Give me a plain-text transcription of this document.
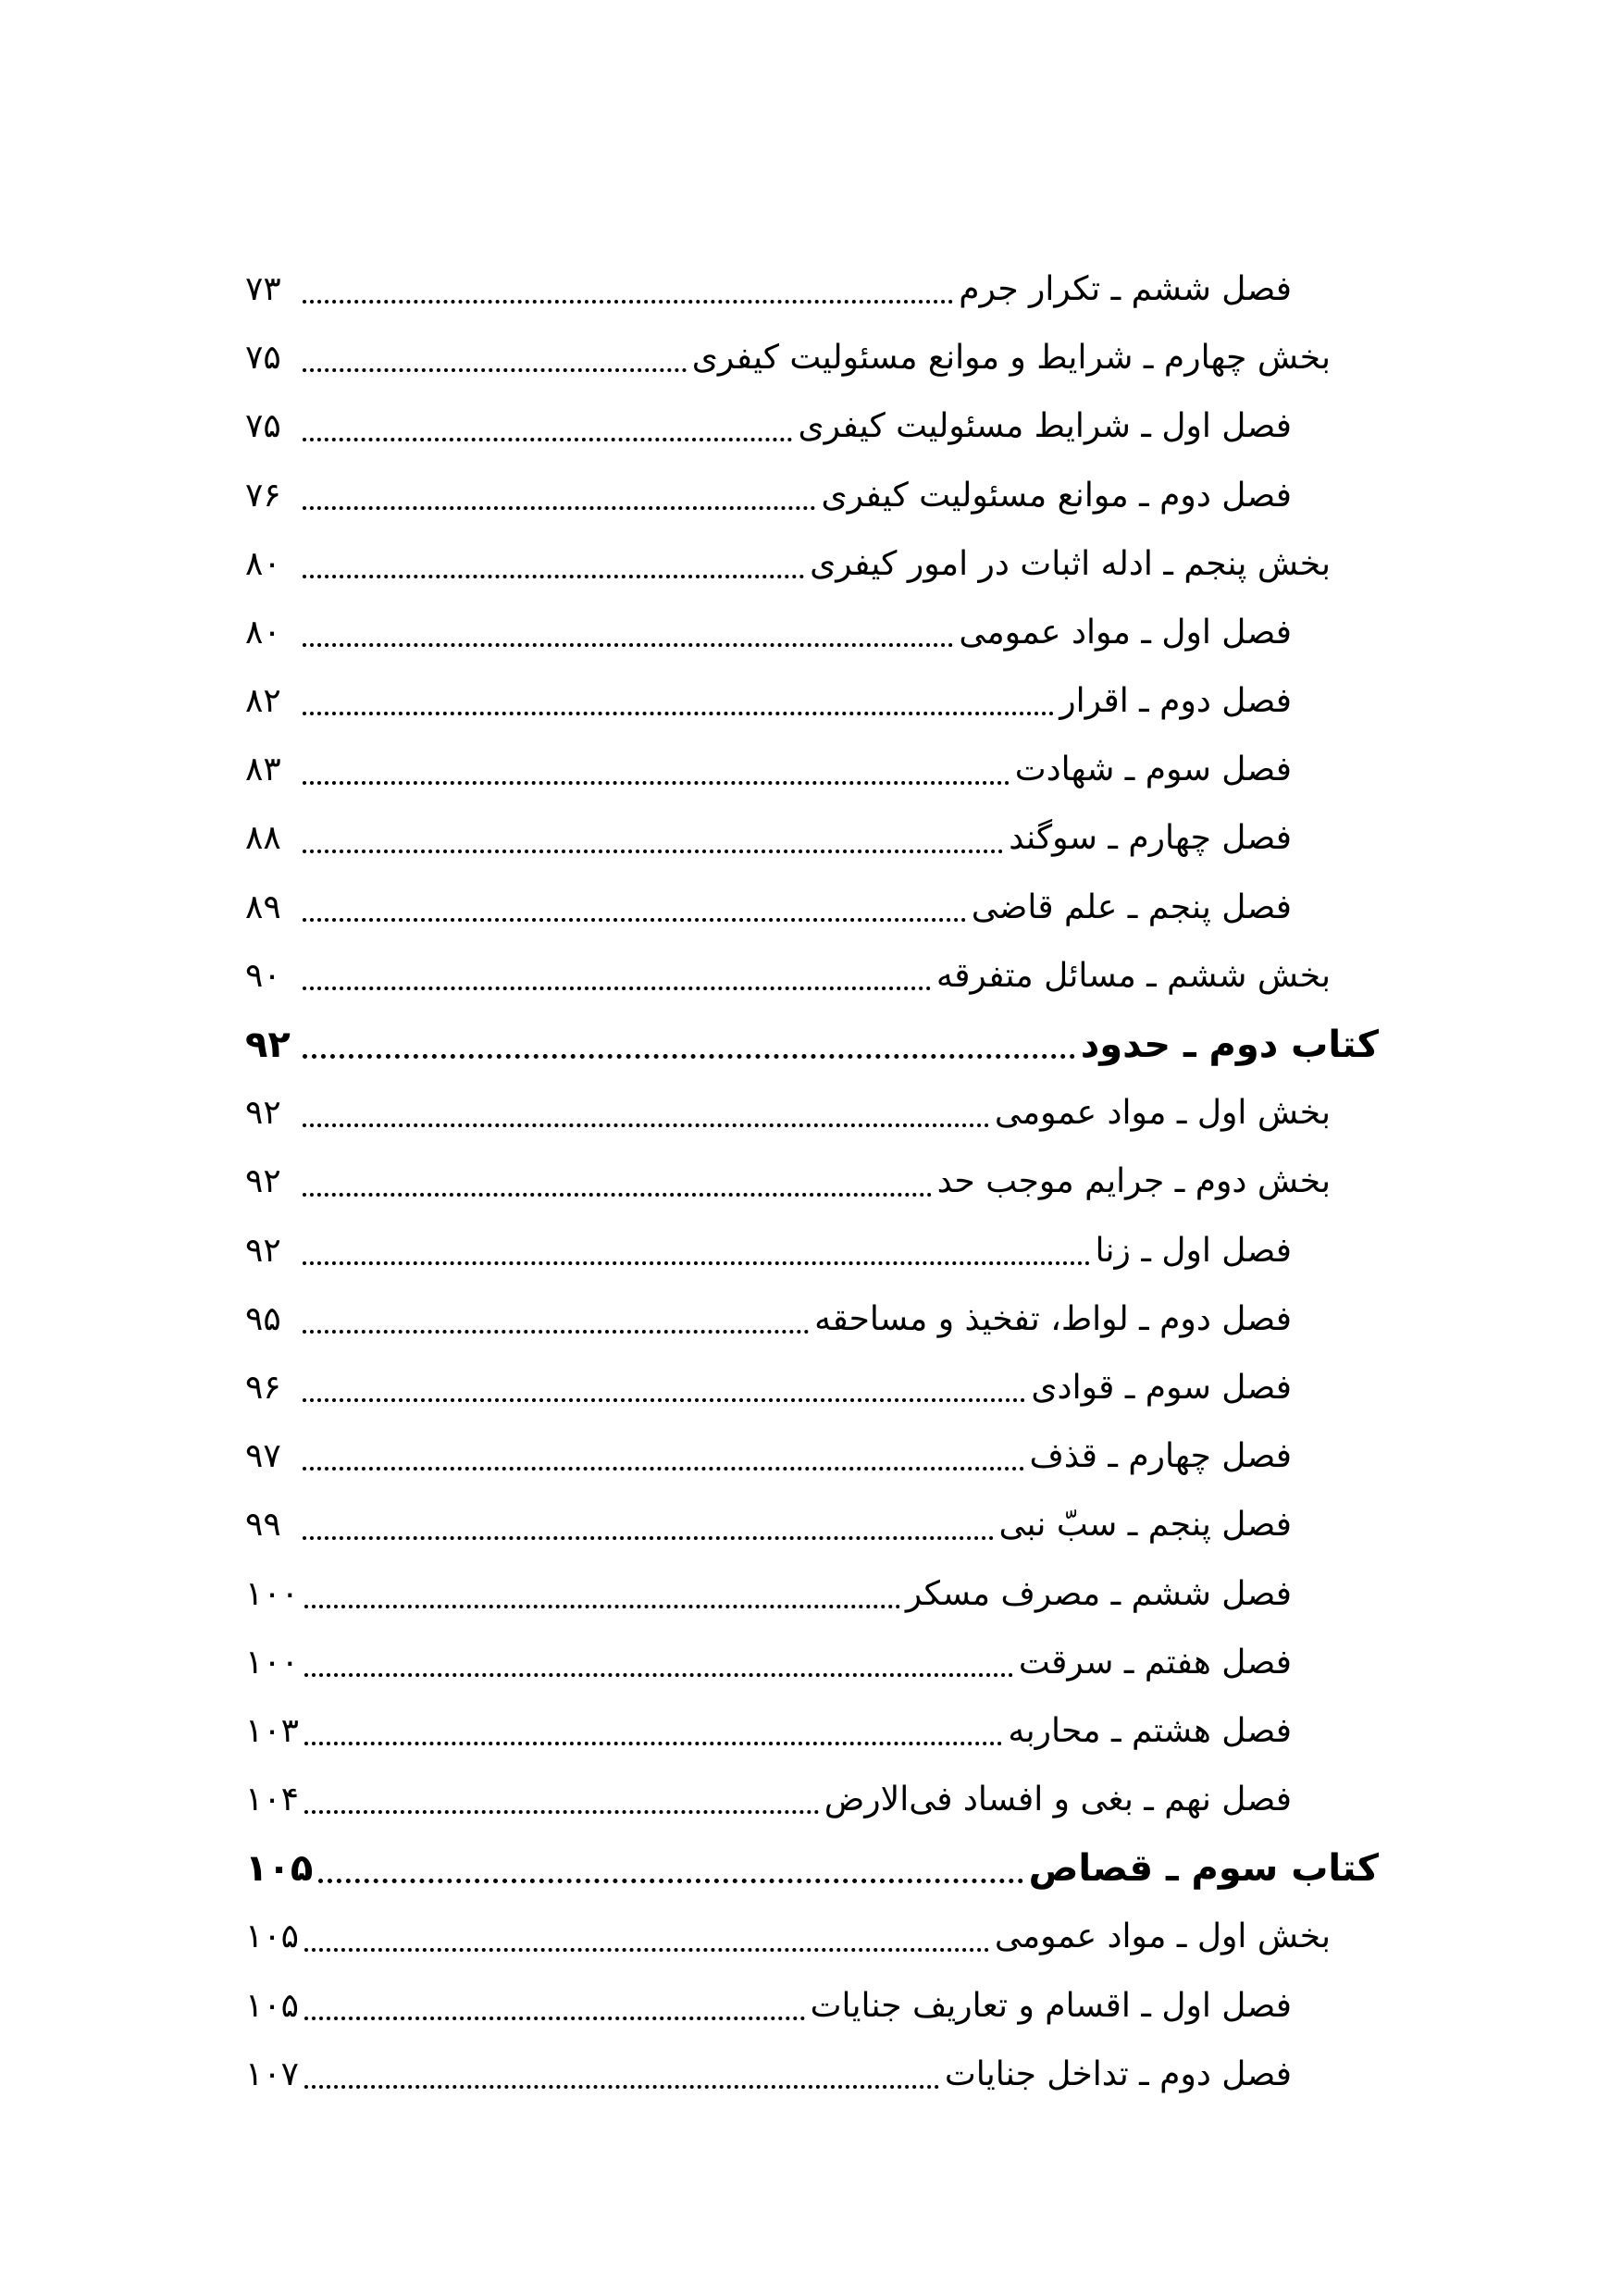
فصل ششم ـ تکرار جرم
۷۳
بخش چهارم ـ شرایط و موانع مسئولیت کیفری
۷۵
فصل اول ـ شرایط مسئولیت کیفری
۷۵
فصل دوم ـ موانع مسئولیت کیفری
۷۶
بخش پنجم ـ ادله اثبات در امور کیفری
۸۰
فصل اول ـ مواد عمومی
۸۰
فصل دوم ـ اقرار
۸۲
فصل سوم ـ شهادت
۸۳
فصل چهارم ـ سوگند
۸۸
فصل پنجم ـ علم قاضی
۸۹
بخش ششم ـ مسائل متفرقه
۹۰
کتاب دوم ـ حدود
۹۲
بخش اول ـ مواد عمومی
۹۲
بخش دوم ـ جرایم موجب حد
۹۲
فصل اول ـ زنا
۹۲
فصل دوم ـ لواط، تفخیذ و مساحقه
۹۵
فصل سوم ـ قوادی
۹۶
فصل چهارم ـ قذف
۹۷
فصل پنجم ـ سبّ نبی
۹۹
فصل ششم ـ مصرف مسکر
۱۰۰
فصل هفتم ـ سرقت
۱۰۰
فصل هشتم ـ محاربه
۱۰۳
فصل نهم ـ بغی و افساد فی‌الارض
۱۰۴
کتاب سوم ـ قصاص
۱۰۵
بخش اول ـ مواد عمومی
۱۰۵
فصل اول ـ اقسام و تعاریف جنایات
۱۰۵
فصل دوم ـ تداخل جنایات
۱۰۷
